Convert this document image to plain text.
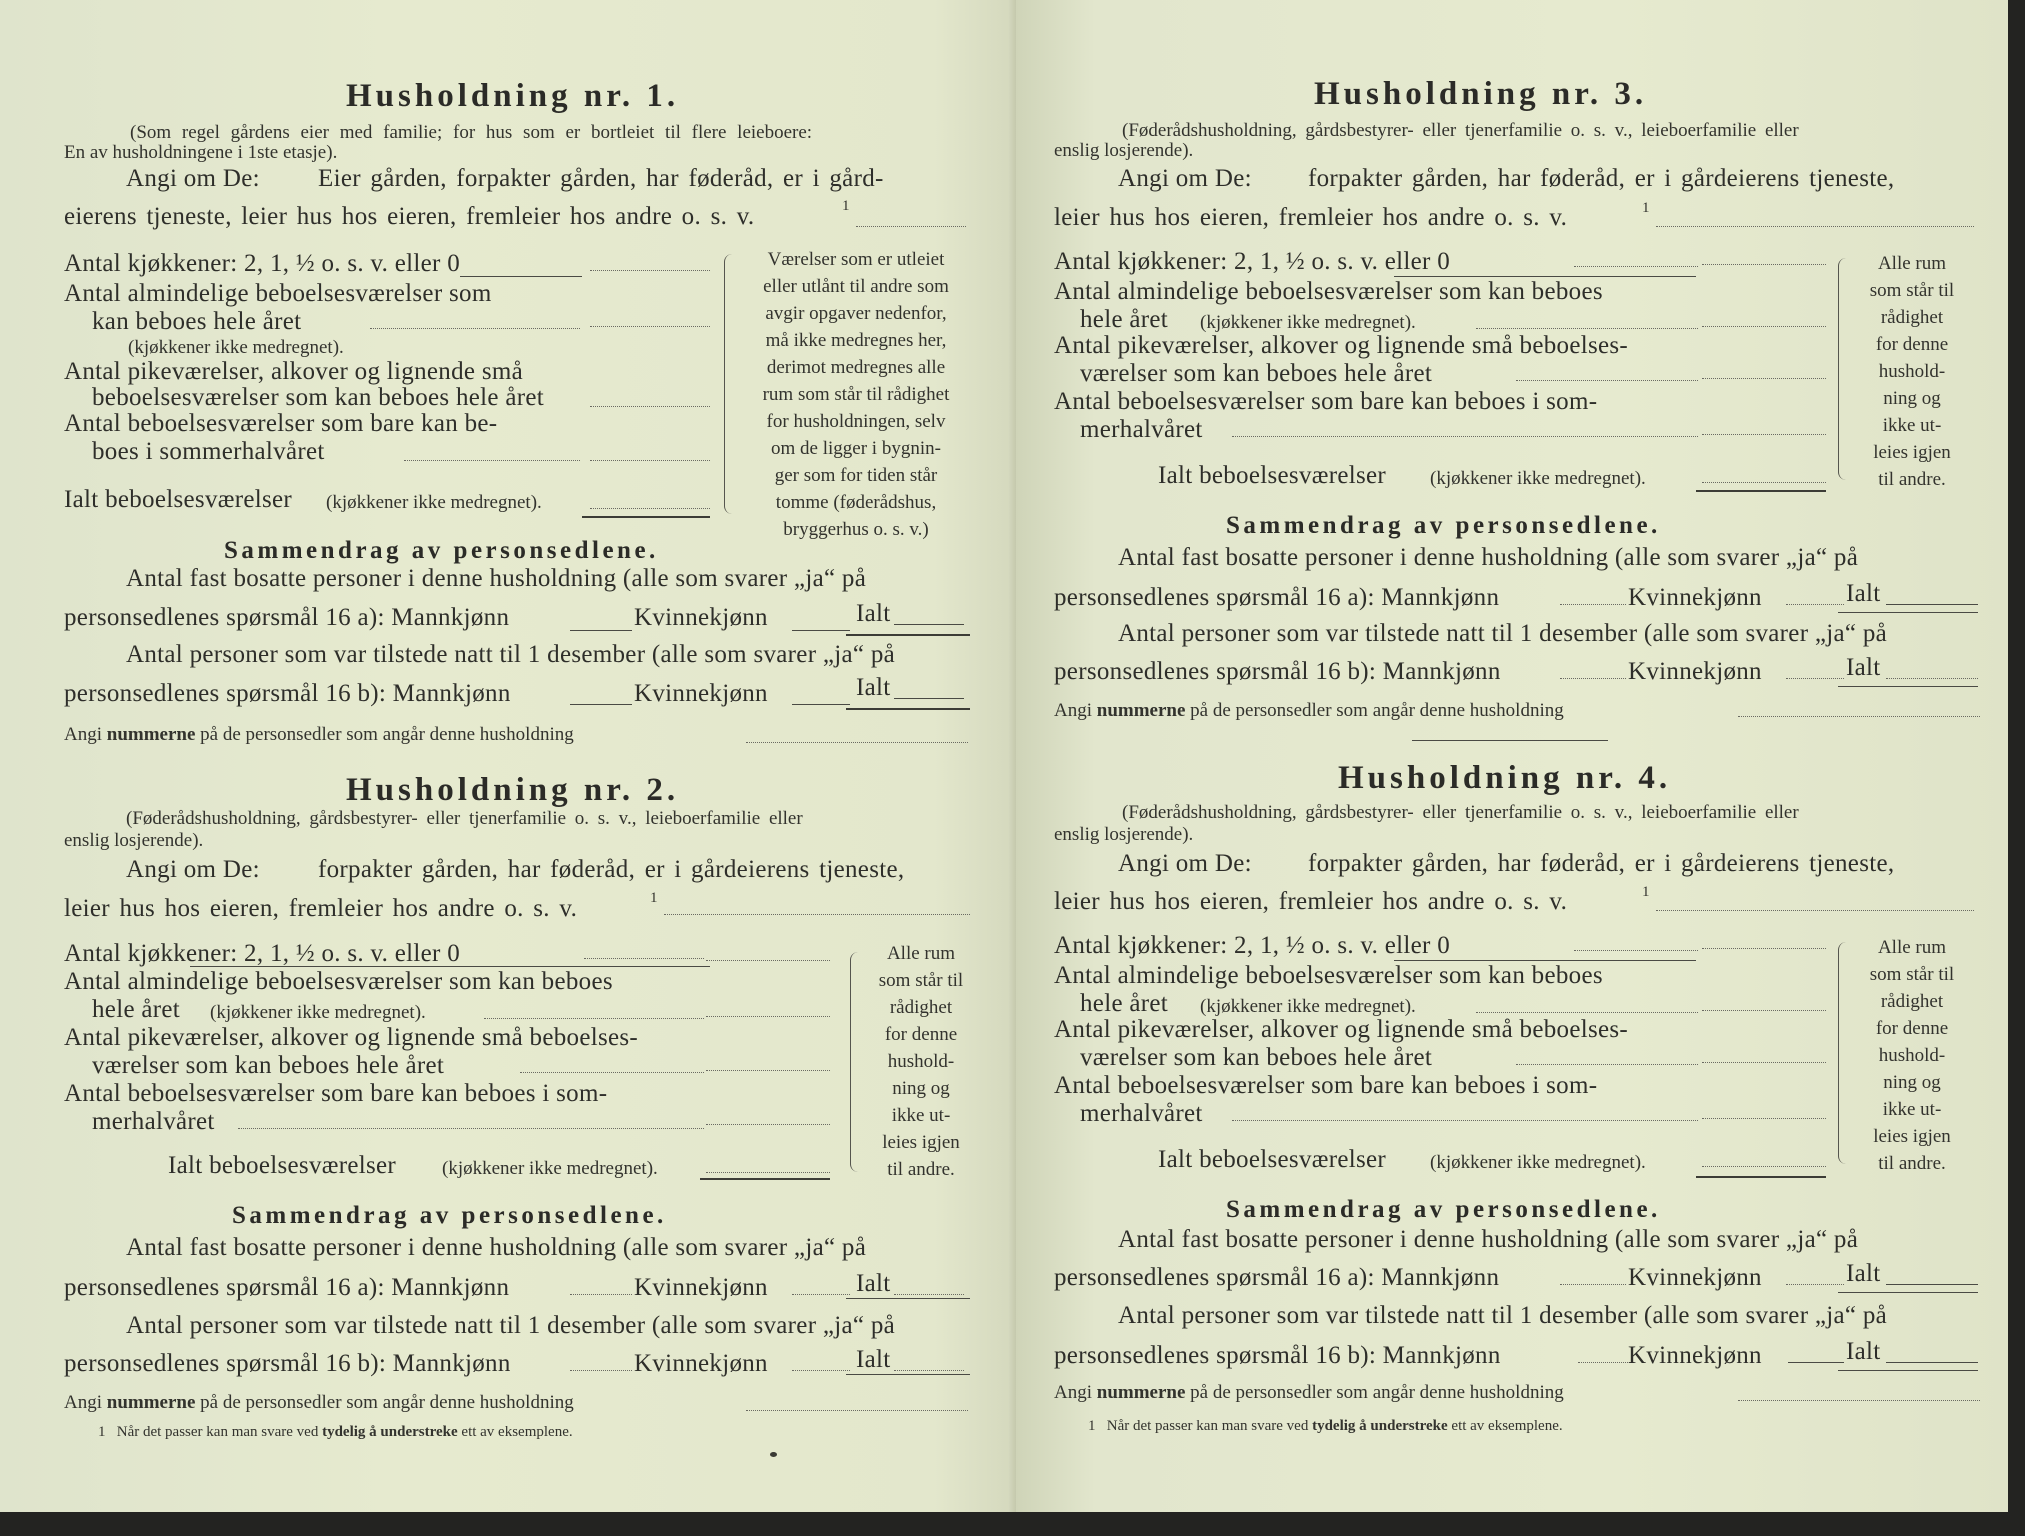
Husholdning nr. 1.
(Som regel gårdens eier med familie; for hus som er bortleiet til flere leieboere:
En av husholdningene i 1ste etasje).
Angi om De: Eier gården, forpakter gården, har føderåd, er i gård-
eierens tjeneste, leier hus hos eieren, fremleier hos andre o. s. v.	1
Antal kjøkkener: 2, 1, ½ o. s. v. eller 0
Antal almindelige beboelsesværelser som
kan beboes hele året
(kjøkkener ikke medregnet).
Antal pikeværelser, alkover og lignende små
beboelsesværelser som kan beboes hele året
Antal beboelsesværelser som bare kan be-
boes i sommerhalvåret
Ialt beboelsesværelser (kjøkkener ikke medregnet).
Værelser som er utleiet
eller utlånt til andre som
avgir opgaver nedenfor,
må ikke medregnes her,
derimot medregnes alle
rum som står til rådighet
for husholdningen, selv
om de ligger i bygnin-
ger som for tiden står
tomme (føderådshus,
bryggerhus o. s. v.)
Sammendrag av personsedlene.
Antal fast bosatte personer i denne husholdning (alle som svarer „ja“ på
personsedlenes spørsmål 16 a): Mannkjønn	Kvinnekjønn	Ialt
Antal personer som var tilstede natt til 1 desember (alle som svarer „ja“ på
personsedlenes spørsmål 16 b): Mannkjønn	Kvinnekjønn	Ialt
Angi nummerne på de personsedler som angår denne husholdning
Husholdning nr. 2.
(Føderådshusholdning, gårdsbestyrer- eller tjenerfamilie o. s. v., leieboerfamilie eller
enslig losjerende).
Angi om De: forpakter gården, har føderåd, er i gårdeierens tjeneste,
leier hus hos eieren, fremleier hos andre o. s. v.	1
Antal kjøkkener: 2, 1, ½ o. s. v. eller 0
Antal almindelige beboelsesværelser som kan beboes
hele året (kjøkkener ikke medregnet).
Antal pikeværelser, alkover og lignende små beboelses-
værelser som kan beboes hele året
Antal beboelsesværelser som bare kan beboes i som-
merhalvåret
Ialt beboelsesværelser (kjøkkener ikke medregnet).
Alle rum
som står til
rådighet
for denne
hushold-
ning og
ikke ut-
leies igjen
til andre.
Sammendrag av personsedlene.
Antal fast bosatte personer i denne husholdning (alle som svarer „ja“ på
personsedlenes spørsmål 16 a): Mannkjønn	Kvinnekjønn	Ialt
Antal personer som var tilstede natt til 1 desember (alle som svarer „ja“ på
personsedlenes spørsmål 16 b): Mannkjønn	Kvinnekjønn	Ialt
Angi nummerne på de personsedler som angår denne husholdning
1 Når det passer kan man svare ved tydelig å understreke ett av eksemplene.
Husholdning nr. 3.
(Føderådshusholdning, gårdsbestyrer- eller tjenerfamilie o. s. v., leieboerfamilie eller
enslig losjerende).
Angi om De: forpakter gården, har føderåd, er i gårdeierens tjeneste,
leier hus hos eieren, fremleier hos andre o. s. v.	1
Antal kjøkkener: 2, 1, ½ o. s. v. eller 0
Antal almindelige beboelsesværelser som kan beboes
hele året (kjøkkener ikke medregnet).
Antal pikeværelser, alkover og lignende små beboelses-
værelser som kan beboes hele året
Antal beboelsesværelser som bare kan beboes i som-
merhalvåret
Ialt beboelsesværelser (kjøkkener ikke medregnet).
Alle rum
som står til
rådighet
for denne
hushold-
ning og
ikke ut-
leies igjen
til andre.
Sammendrag av personsedlene.
Antal fast bosatte personer i denne husholdning (alle som svarer „ja“ på
personsedlenes spørsmål 16 a): Mannkjønn	Kvinnekjønn	Ialt
Antal personer som var tilstede natt til 1 desember (alle som svarer „ja“ på
personsedlenes spørsmål 16 b): Mannkjønn	Kvinnekjønn	Ialt
Angi nummerne på de personsedler som angår denne husholdning
Husholdning nr. 4.
(Føderådshusholdning, gårdsbestyrer- eller tjenerfamilie o. s. v., leieboerfamilie eller
enslig losjerende).
Angi om De: forpakter gården, har føderåd, er i gårdeierens tjeneste,
leier hus hos eieren, fremleier hos andre o. s. v.	1
Antal kjøkkener: 2, 1, ½ o. s. v. eller 0
Antal almindelige beboelsesværelser som kan beboes
hele året (kjøkkener ikke medregnet).
Antal pikeværelser, alkover og lignende små beboelses-
værelser som kan beboes hele året
Antal beboelsesværelser som bare kan beboes i som-
merhalvåret
Ialt beboelsesværelser (kjøkkener ikke medregnet).
Alle rum
som står til
rådighet
for denne
hushold-
ning og
ikke ut-
leies igjen
til andre.
Sammendrag av personsedlene.
Antal fast bosatte personer i denne husholdning (alle som svarer „ja“ på
personsedlenes spørsmål 16 a): Mannkjønn	Kvinnekjønn	Ialt
Antal personer som var tilstede natt til 1 desember (alle som svarer „ja“ på
personsedlenes spørsmål 16 b): Mannkjønn	Kvinnekjønn	Ialt
Angi nummerne på de personsedler som angår denne husholdning
1 Når det passer kan man svare ved tydelig å understreke ett av eksemplene.
